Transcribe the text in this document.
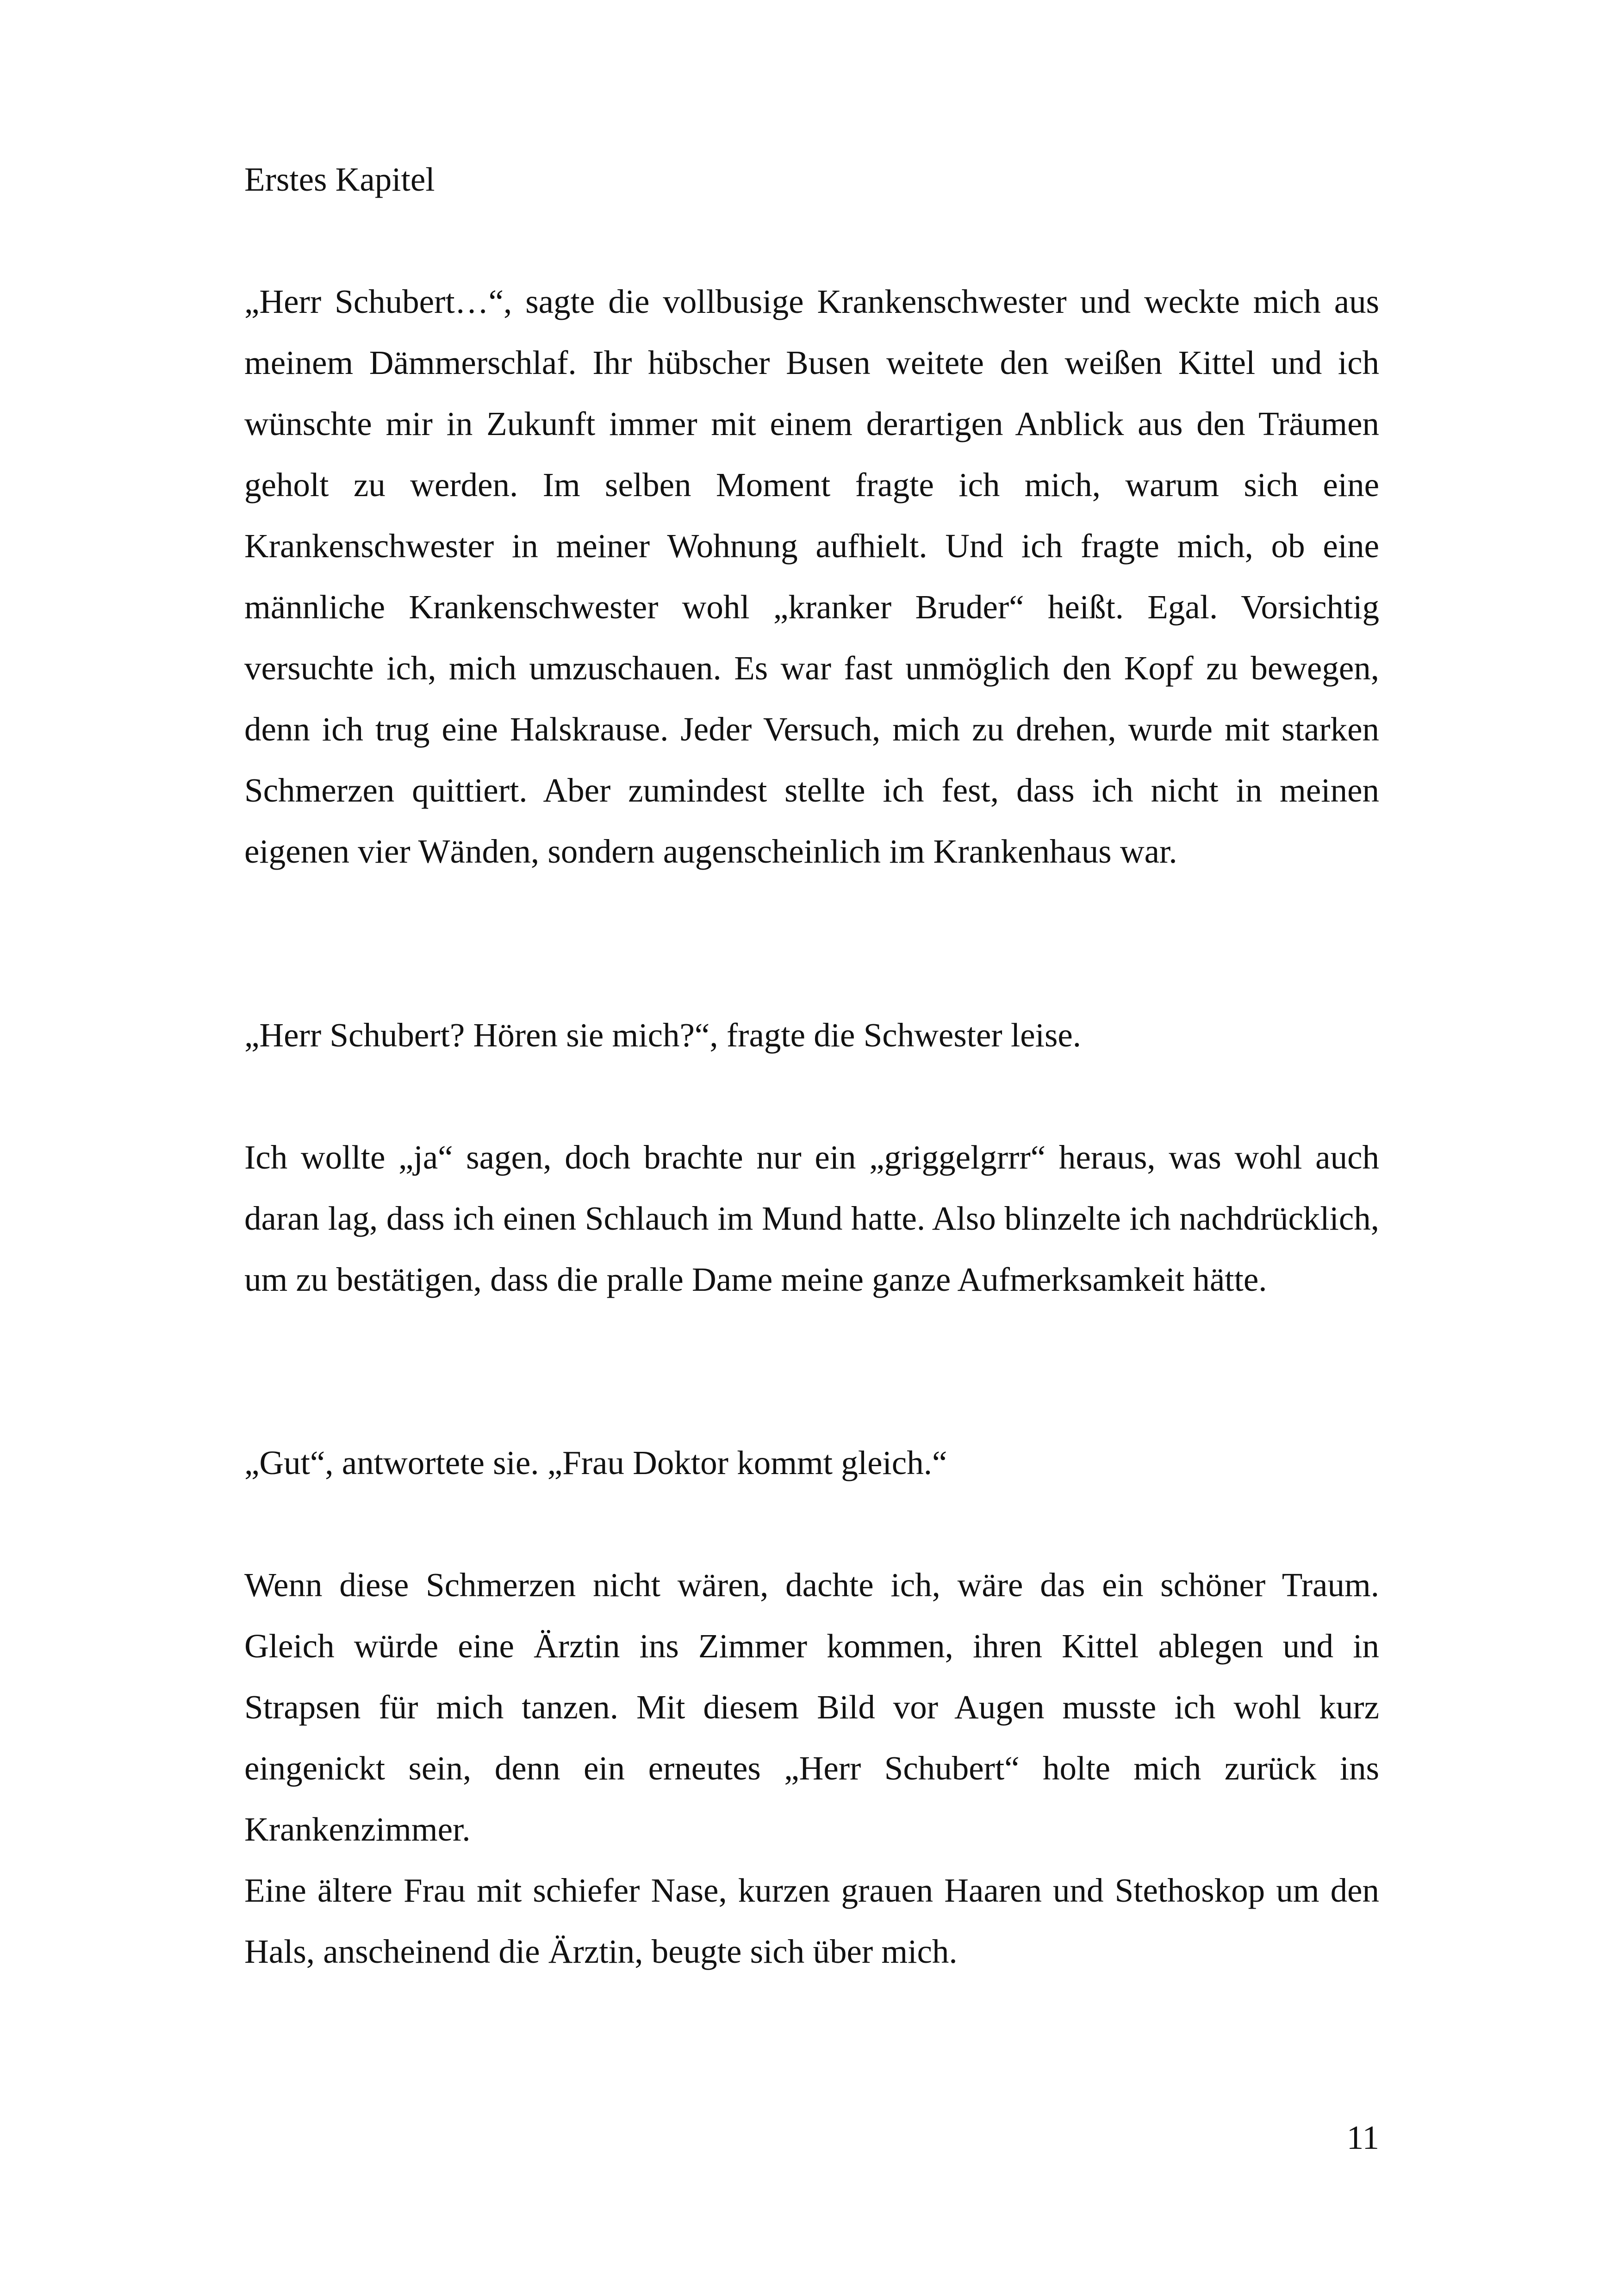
Erstes Kapitel

„Herr Schubert…“, sagte die vollbusige Krankenschwester und weckte mich aus meinem Dämmerschlaf. Ihr hübscher Busen weitete den weißen Kittel und ich wünschte mir in Zukunft immer mit einem derartigen Anblick aus den Träumen geholt zu werden. Im selben Moment fragte ich mich, warum sich eine Krankenschwester in meiner Wohnung aufhielt. Und ich fragte mich, ob eine männliche Krankenschwester wohl „kranker Bruder“ heißt. Egal. Vorsichtig versuchte ich, mich umzuschauen. Es war fast unmöglich den Kopf zu bewegen, denn ich trug eine Halskrause. Jeder Versuch, mich zu drehen, wurde mit starken Schmerzen quittiert. Aber zumindest stellte ich fest, dass ich nicht in meinen eigenen vier Wänden, sondern augenscheinlich im Krankenhaus war.

„Herr Schubert? Hören sie mich?“, fragte die Schwester leise.

Ich wollte „ja“ sagen, doch brachte nur ein „griggelgrrr“ heraus, was wohl auch daran lag, dass ich einen Schlauch im Mund hatte. Also blinzelte ich nachdrücklich, um zu bestätigen, dass die pralle Dame meine ganze Aufmerksamkeit hätte.

„Gut“, antwortete sie. „Frau Doktor kommt gleich.“

Wenn diese Schmerzen nicht wären, dachte ich, wäre das ein schöner Traum. Gleich würde eine Ärztin ins Zimmer kommen, ihren Kittel ablegen und in Strapsen für mich tanzen. Mit diesem Bild vor Augen musste ich wohl kurz eingenickt sein, denn ein erneutes „Herr Schubert“ holte mich zurück ins Krankenzimmer.

Eine ältere Frau mit schiefer Nase, kurzen grauen Haaren und Stethoskop um den Hals, anscheinend die Ärztin, beugte sich über mich.

11
